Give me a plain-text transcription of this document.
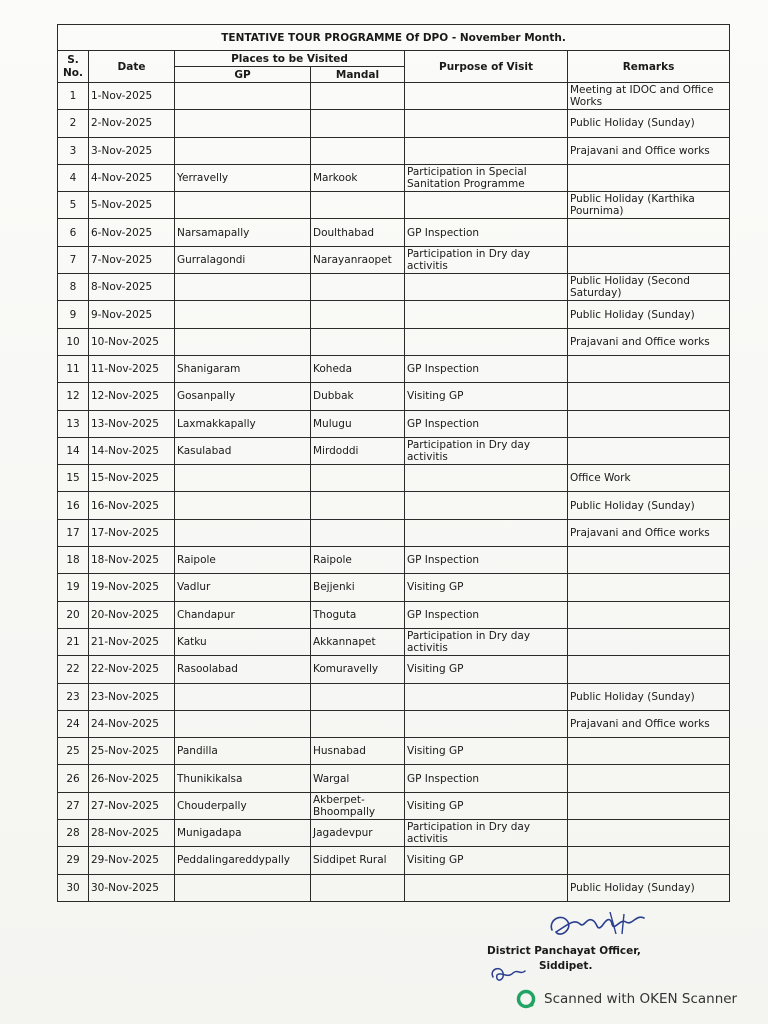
TENTATIVE TOUR PROGRAMME Of DPO - November Month.					
S. No.	Date	Places to be Visited		Purpose of Visit	Remarks
		GP	Mandal		
1	1-Nov-2025				Meeting at IDOC and Office Works
2	2-Nov-2025				Public Holiday (Sunday)
3	3-Nov-2025				Prajavani and Office works
4	4-Nov-2025	Yerravelly	Markook	Participation in Special Sanitation Programme	
5	5-Nov-2025				Public Holiday (Karthika Pournima)
6	6-Nov-2025	Narsamapally	Doulthabad	GP Inspection	
7	7-Nov-2025	Gurralagondi	Narayanraopet	Participation in Dry day activitis	
8	8-Nov-2025				Public Holiday (Second Saturday)
9	9-Nov-2025				Public Holiday (Sunday)
10	10-Nov-2025				Prajavani and Office works
11	11-Nov-2025	Shanigaram	Koheda	GP Inspection	
12	12-Nov-2025	Gosanpally	Dubbak	Visiting GP	
13	13-Nov-2025	Laxmakkapally	Mulugu	GP Inspection	
14	14-Nov-2025	Kasulabad	Mirdoddi	Participation in Dry day activitis	
15	15-Nov-2025				Office Work
16	16-Nov-2025				Public Holiday (Sunday)
17	17-Nov-2025				Prajavani and Office works
18	18-Nov-2025	Raipole	Raipole	GP Inspection	
19	19-Nov-2025	Vadlur	Bejjenki	Visiting GP	
20	20-Nov-2025	Chandapur	Thoguta	GP Inspection	
21	21-Nov-2025	Katku	Akkannapet	Participation in Dry day activitis	
22	22-Nov-2025	Rasoolabad	Komuravelly	Visiting GP	
23	23-Nov-2025				Public Holiday (Sunday)
24	24-Nov-2025				Prajavani and Office works
25	25-Nov-2025	Pandilla	Husnabad	Visiting GP	
26	26-Nov-2025	Thunikikalsa	Wargal	GP Inspection	
27	27-Nov-2025	Chouderpally	Akberpet-Bhoompally	Visiting GP	
28	28-Nov-2025	Munigadapa	Jagadevpur	Participation in Dry day activitis	
29	29-Nov-2025	Peddalingareddypally	Siddipet Rural	Visiting GP	
30	30-Nov-2025				Public Holiday (Sunday)
District Panchayat Officer,
Siddipet.
Scanned with OKEN Scanner
